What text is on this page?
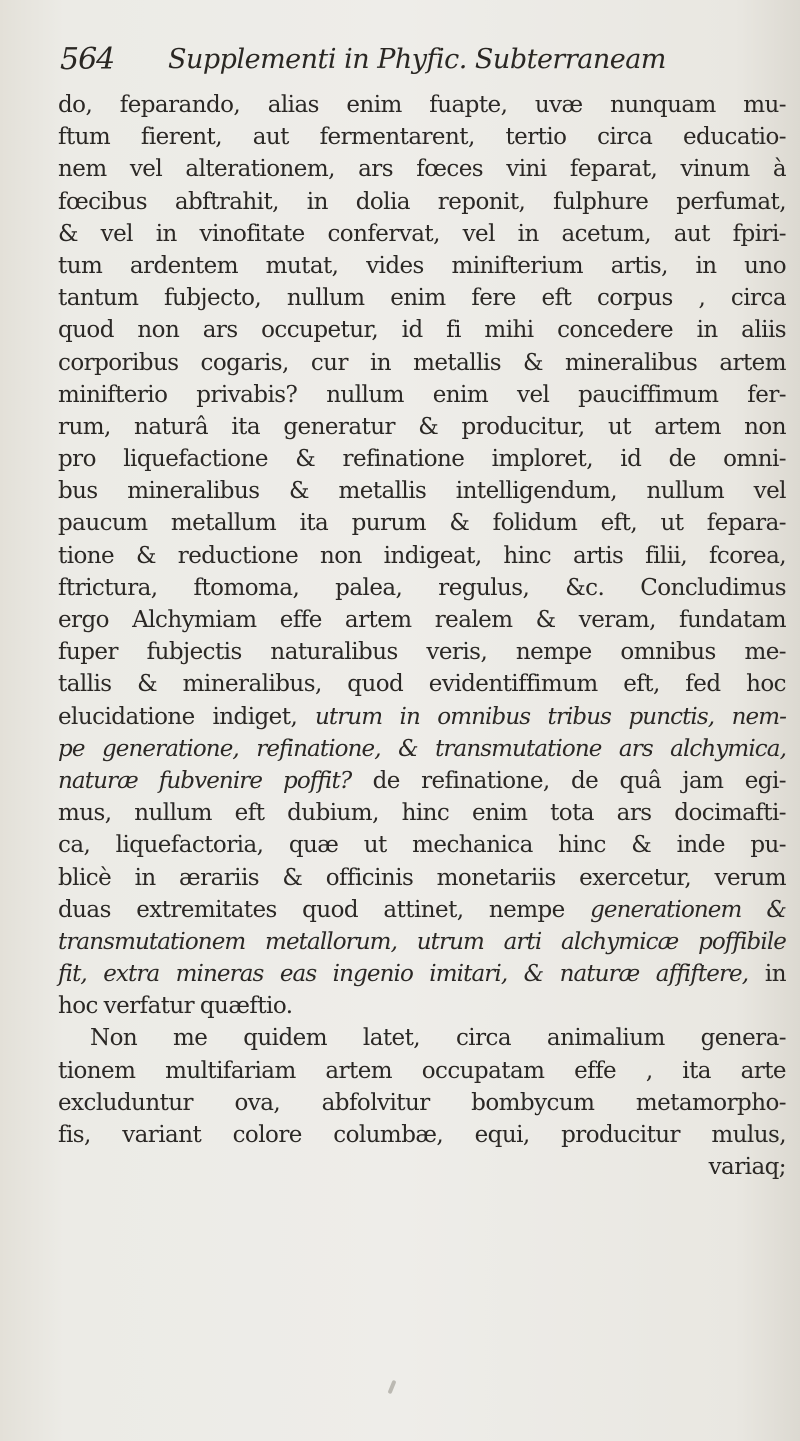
564 Supplementi in Phyfic. Subterraneam
do, feparando, alias enim fuapte, uvæ nunquam mu-
ftum fierent, aut fermentarent, tertio circa educatio-
nem vel alterationem, ars fœces vini feparat, vinum à
fœcibus abftrahit, in dolia reponit, fulphure perfumat,
& vel in vinofitate confervat, vel in acetum, aut fpiri-
tum ardentem mutat, vides minifterium artis, in uno
tantum fubjecto, nullum enim fere eft corpus , circa
quod non ars occupetur, id fi mihi concedere in aliis
corporibus cogaris, cur in metallis & mineralibus artem
minifterio privabis? nullum enim vel pauciffimum fer-
rum, naturâ ita generatur & producitur, ut artem non
pro liquefactione & refinatione imploret, id de omni-
bus mineralibus & metallis intelligendum, nullum vel
paucum metallum ita purum & folidum eft, ut fepara-
tione & reductione non indigeat, hinc artis filii, fcorea,
ftrictura, ftomoma, palea, regulus, &c. Concludimus
ergo Alchymiam effe artem realem & veram, fundatam
fuper fubjectis naturalibus veris, nempe omnibus me-
tallis & mineralibus, quod evidentiffimum eft, fed hoc
elucidatione indiget, utrum in omnibus tribus punctis, nem-
pe generatione, refinatione, & transmutatione ars alchymica,
naturæ fubvenire poffit? de refinatione, de quâ jam egi-
mus, nullum eft dubium, hinc enim tota ars docimafti-
ca, liquefactoria, quæ ut mechanica hinc & inde pu-
blicè in ærariis & officinis monetariis exercetur, verum
duas extremitates quod attinet, nempe generationem &
transmutationem metallorum, utrum arti alchymicæ poffibile
fit, extra mineras eas ingenio imitari, & naturæ affiftere, in
hoc verfatur quæftio.
Non me quidem latet, circa animalium genera-
tionem multifariam artem occupatam effe , ita arte
excluduntur ova, abfolvitur bombycum metamorpho-
fis, variant colore columbæ, equi, producitur mulus,
variaq;
